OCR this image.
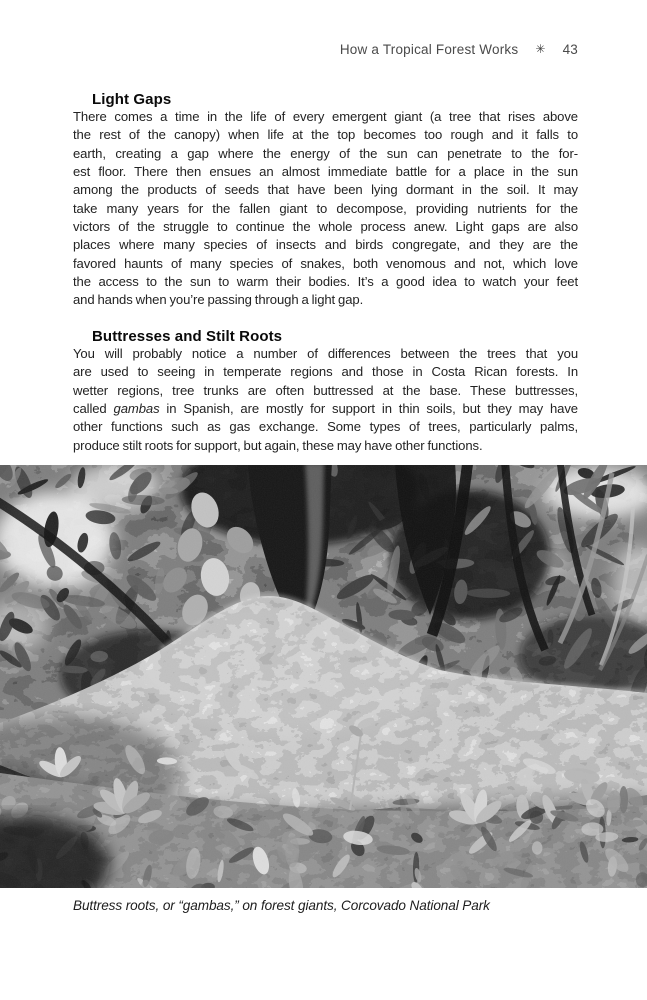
How a Tropical Forest Works ✳ 43
Light Gaps
There comes a time in the life of every emergent giant (a tree that rises above
the rest of the canopy) when life at the top becomes too rough and it falls to
earth, creating a gap where the energy of the sun can penetrate to the for-
est floor. There then ensues an almost immediate battle for a place in the sun
among the products of seeds that have been lying dormant in the soil. It may
take many years for the fallen giant to decompose, providing nutrients for the
victors of the struggle to continue the whole process anew. Light gaps are also
places where many species of insects and birds congregate, and they are the
favored haunts of many species of snakes, both venomous and not, which love
the access to the sun to warm their bodies. It’s a good idea to watch your feet
and hands when you’re passing through a light gap.
Buttresses and Stilt Roots
You will probably notice a number of differences between the trees that you
are used to seeing in temperate regions and those in Costa Rican forests. In
wetter regions, tree trunks are often buttressed at the base. These buttresses,
called gambas in Spanish, are mostly for support in thin soils, but they may have
other functions such as gas exchange. Some types of trees, particularly palms,
produce stilt roots for support, but again, these may have other functions.
Buttress roots, or “gambas,” on forest giants, Corcovado National Park
